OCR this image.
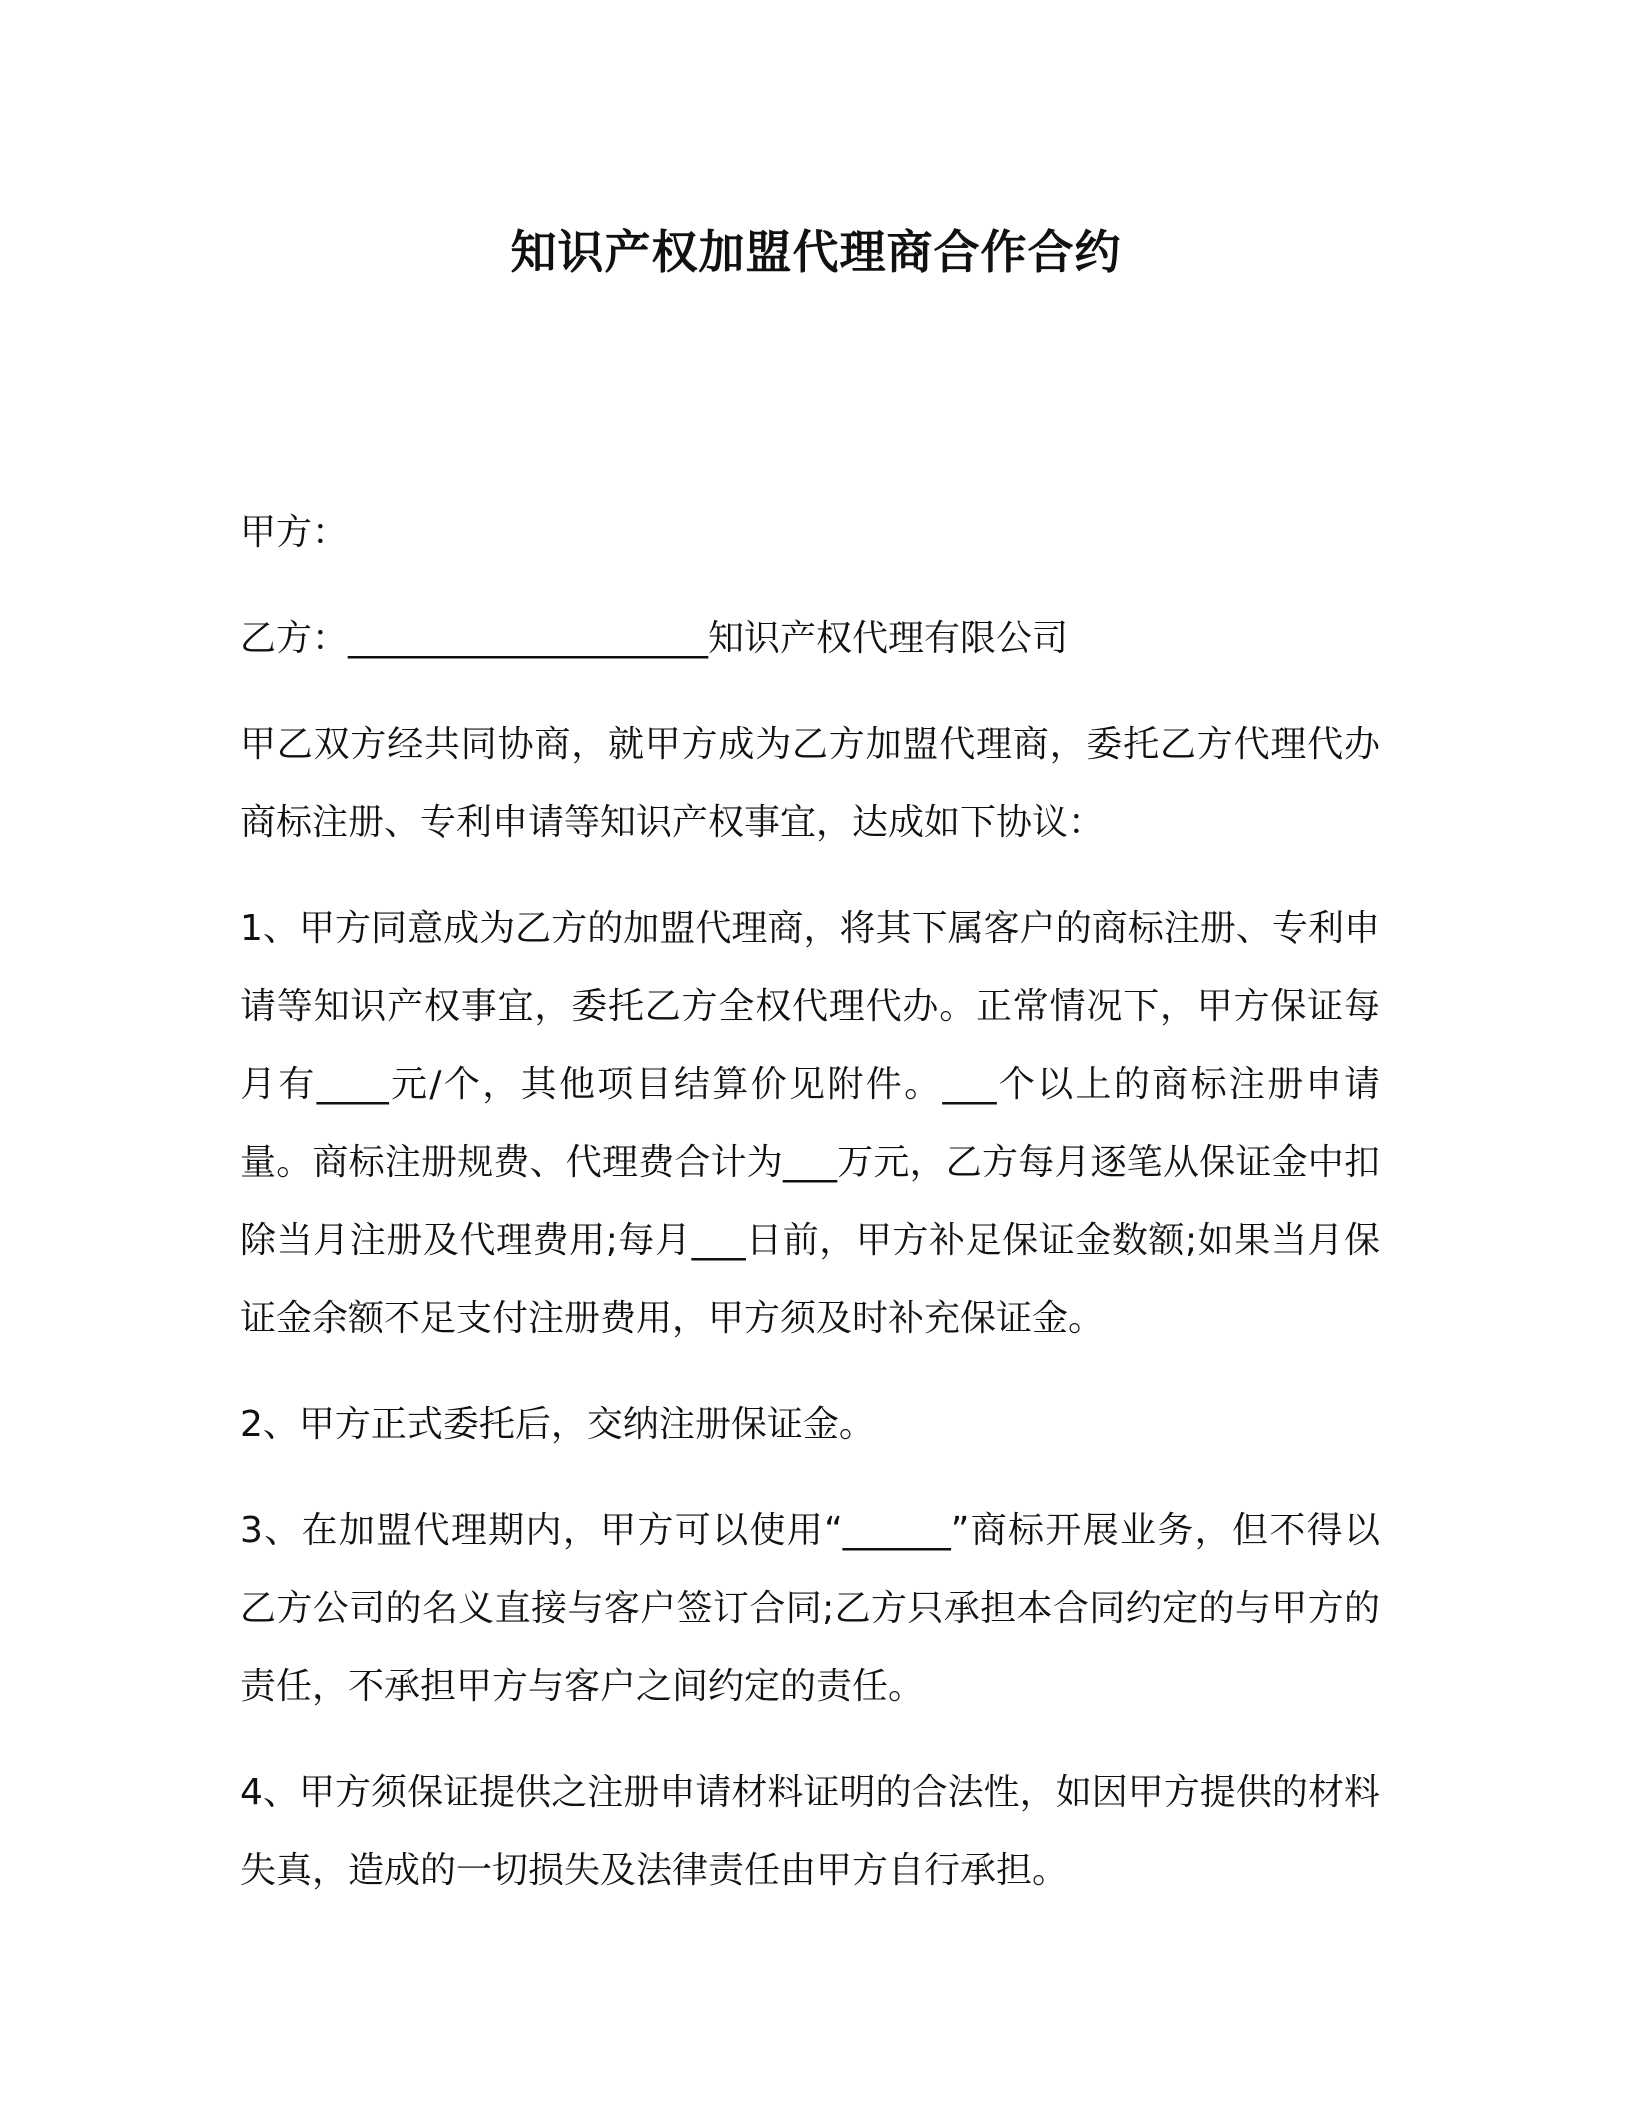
知识产权加盟代理商合作合约

甲方：

乙方：____________________知识产权代理有限公司

甲乙双方经共同协商，就甲方成为乙方加盟代理商，委托乙方代理代办商标注册、专利申请等知识产权事宜，达成如下协议：

1、甲方同意成为乙方的加盟代理商，将其下属客户的商标注册、专利申请等知识产权事宜，委托乙方全权代理代办。正常情况下，甲方保证每月有____元/个，其他项目结算价见附件。___个以上的商标注册申请量。商标注册规费、代理费合计为___万元，乙方每月逐笔从保证金中扣除当月注册及代理费用;每月___日前，甲方补足保证金数额;如果当月保证金余额不足支付注册费用，甲方须及时补充保证金。

2、甲方正式委托后，交纳注册保证金。

3、在加盟代理期内，甲方可以使用“______”商标开展业务，但不得以乙方公司的名义直接与客户签订合同;乙方只承担本合同约定的与甲方的责任，不承担甲方与客户之间约定的责任。

4、甲方须保证提供之注册申请材料证明的合法性，如因甲方提供的材料失真，造成的一切损失及法律责任由甲方自行承担。
